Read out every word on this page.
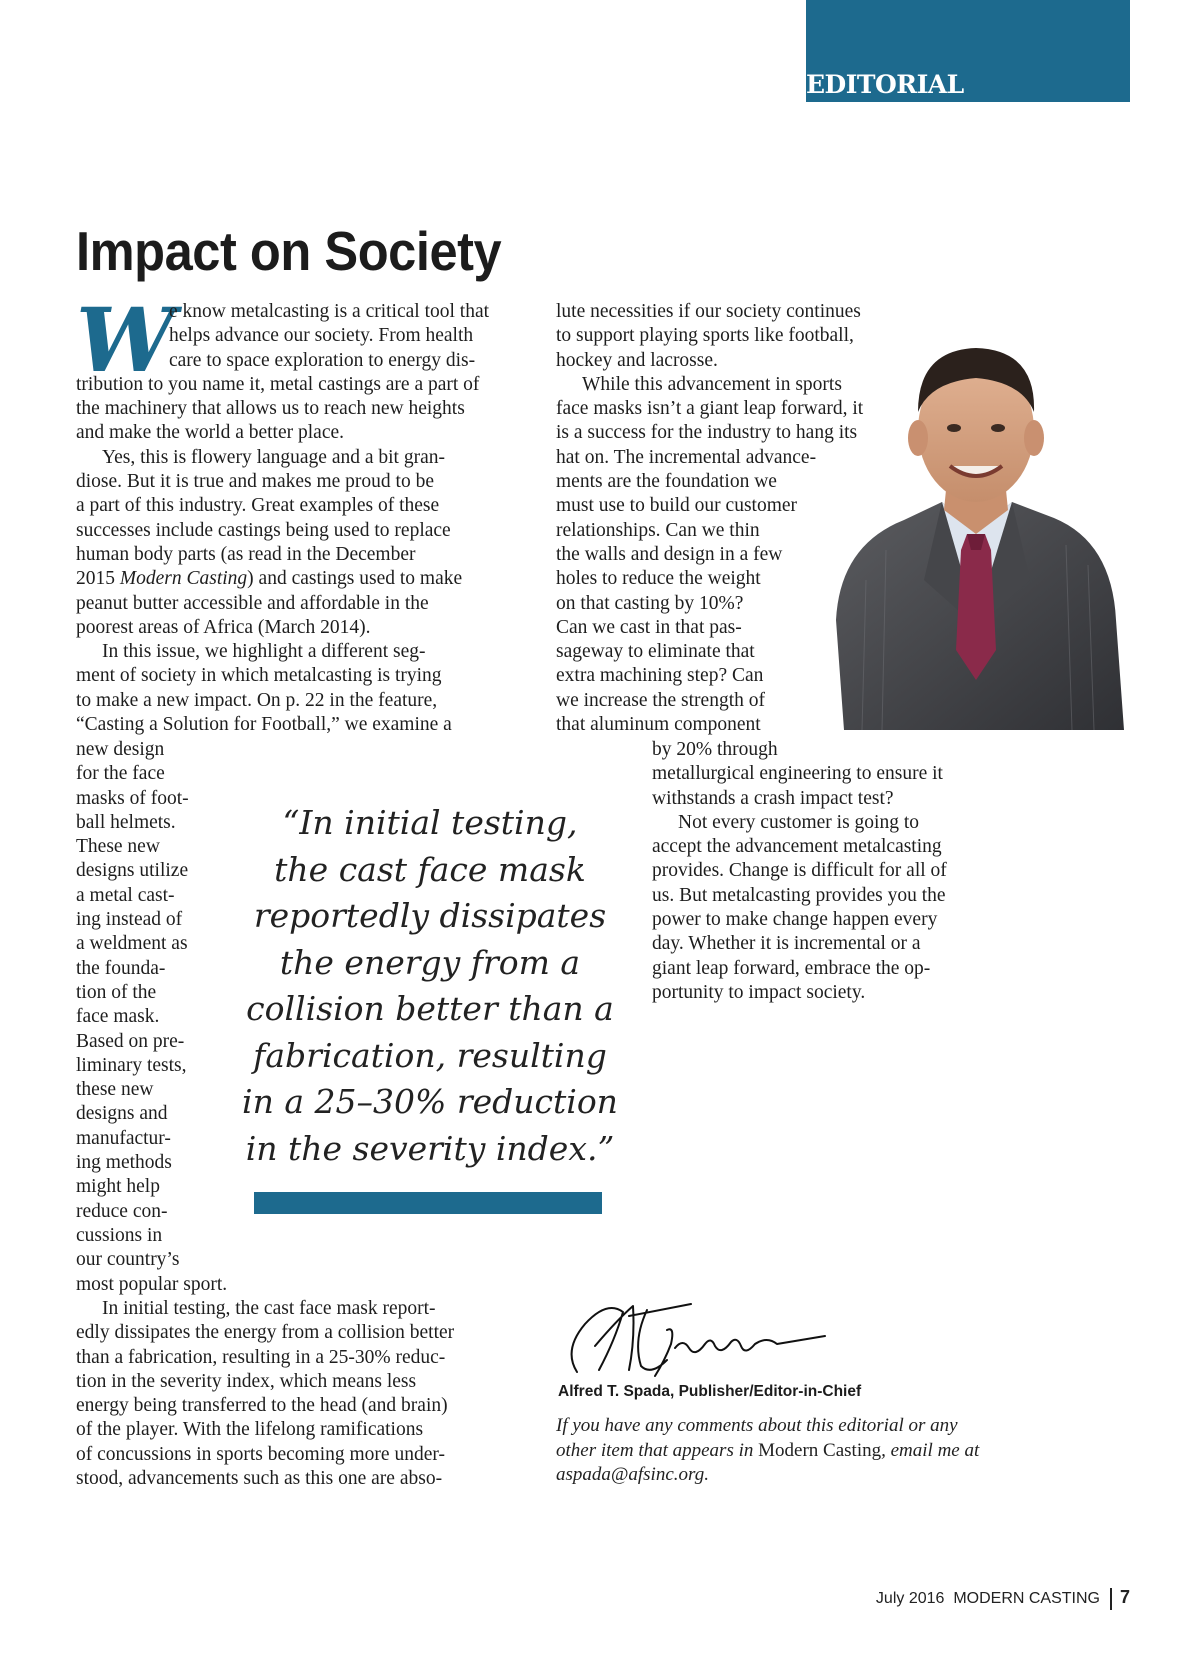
EDITORIAL
Impact on Society
W
e know metalcasting is a critical tool that
helps advance our society. From health
care to space exploration to energy dis-
tribution to you name it, metal castings are a part of
the machinery that allows us to reach new heights
and make the world a better place.
Yes, this is flowery language and a bit gran-
diose. But it is true and makes me proud to be
a part of this industry. Great examples of these
successes include castings being used to replace
human body parts (as read in the December
2015 Modern Casting) and castings used to make
peanut butter accessible and affordable in the
poorest areas of Africa (March 2014).
In this issue, we highlight a different seg-
ment of society in which metalcasting is trying
to make a new impact. On p. 22 in the feature,
“Casting a Solution for Football,” we examine a
new design
for the face
masks of foot-
ball helmets.
These new
designs utilize
a metal cast-
ing instead of
a weldment as
the founda-
tion of the
face mask.
Based on pre-
liminary tests,
these new
designs and
manufactur-
ing methods
might help
reduce con-
cussions in
our country’s
most popular sport.
In initial testing, the cast face mask report-
edly dissipates the energy from a collision better
than a fabrication, resulting in a 25-30% reduc-
tion in the severity index, which means less
energy being transferred to the head (and brain)
of the player. With the lifelong ramifications
of concussions in sports becoming more under-
stood, advancements such as this one are abso-
“In initial testing,
the cast face mask
reportedly dissipates
the energy from a
collision better than a
fabrication, resulting
in a 25–30% reduction
in the severity index.”
lute necessities if our society continues
to support playing sports like football,
hockey and lacrosse.
While this advancement in sports
face masks isn’t a giant leap forward, it
is a success for the industry to hang its
hat on. The incremental advance-
ments are the foundation we
must use to build our customer
relationships. Can we thin
the walls and design in a few
holes to reduce the weight
on that casting by 10%?
Can we cast in that pas-
sageway to eliminate that
extra machining step? Can
we increase the strength of
that aluminum component
by 20% through
metallurgical engineering to ensure it
withstands a crash impact test?
Not every customer is going to
accept the advancement metalcasting
provides. Change is difficult for all of
us. But metalcasting provides you the
power to make change happen every
day. Whether it is incremental or a
giant leap forward, embrace the op-
portunity to impact society.
Alfred T. Spada, Publisher/Editor-in-Chief
If you have any comments about this editorial or any
other item that appears in Modern Casting, email me at
aspada@afsinc.org.
July 2016 MODERN CASTING 7
